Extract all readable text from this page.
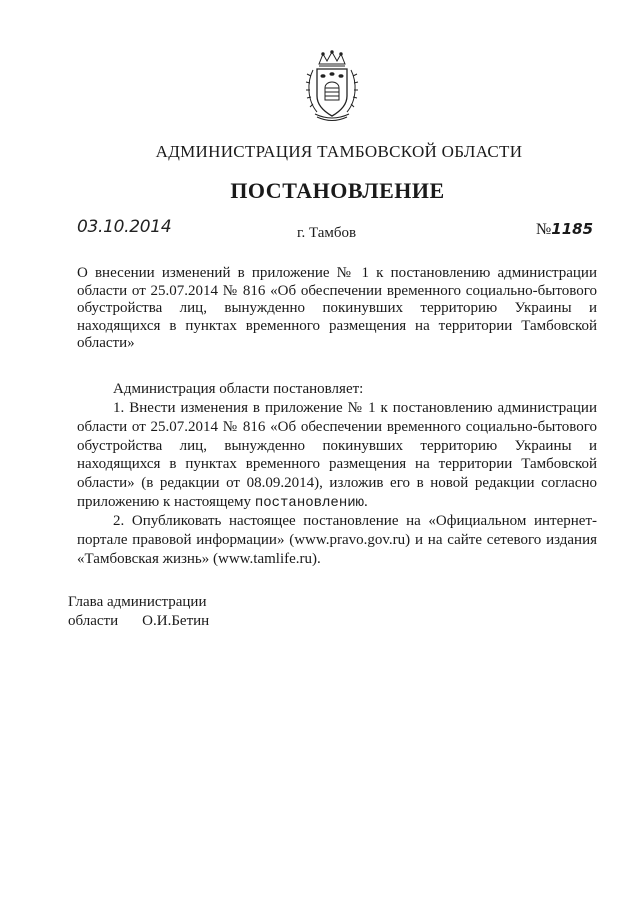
АДМИНИСТРАЦИЯ ТАМБОВСКОЙ ОБЛАСТИ
ПОСТАНОВЛЕНИЕ
03.10.2014	г. Тамбов	№1185
О внесении изменений в приложение № 1 к постановлению администрации области от 25.07.2014 № 816 «Об обеспечении временного социально-бытового обустройства лиц, вынужденно покинувших территорию Украины и находящихся в пунктах временного размещения на территории Тамбовской области»

Администрация области постановляет:

1. Внести изменения в приложение № 1 к постановлению администрации области от 25.07.2014 № 816 «Об обеспечении временного социально-бытового обустройства лиц, вынужденно покинувших территорию Украины и находящихся в пунктах временного размещения на территории Тамбовской области» (в редакции от 08.09.2014), изложив его в новой редакции согласно приложению к настоящему постановлению.

2. Опубликовать настоящее постановление на «Официальном интернет-портале правовой информации» (www.pravo.gov.ru) и на сайте сетевого издания «Тамбовская жизнь» (www.tamlife.ru).

Глава администрации
области О.И.Бетин
